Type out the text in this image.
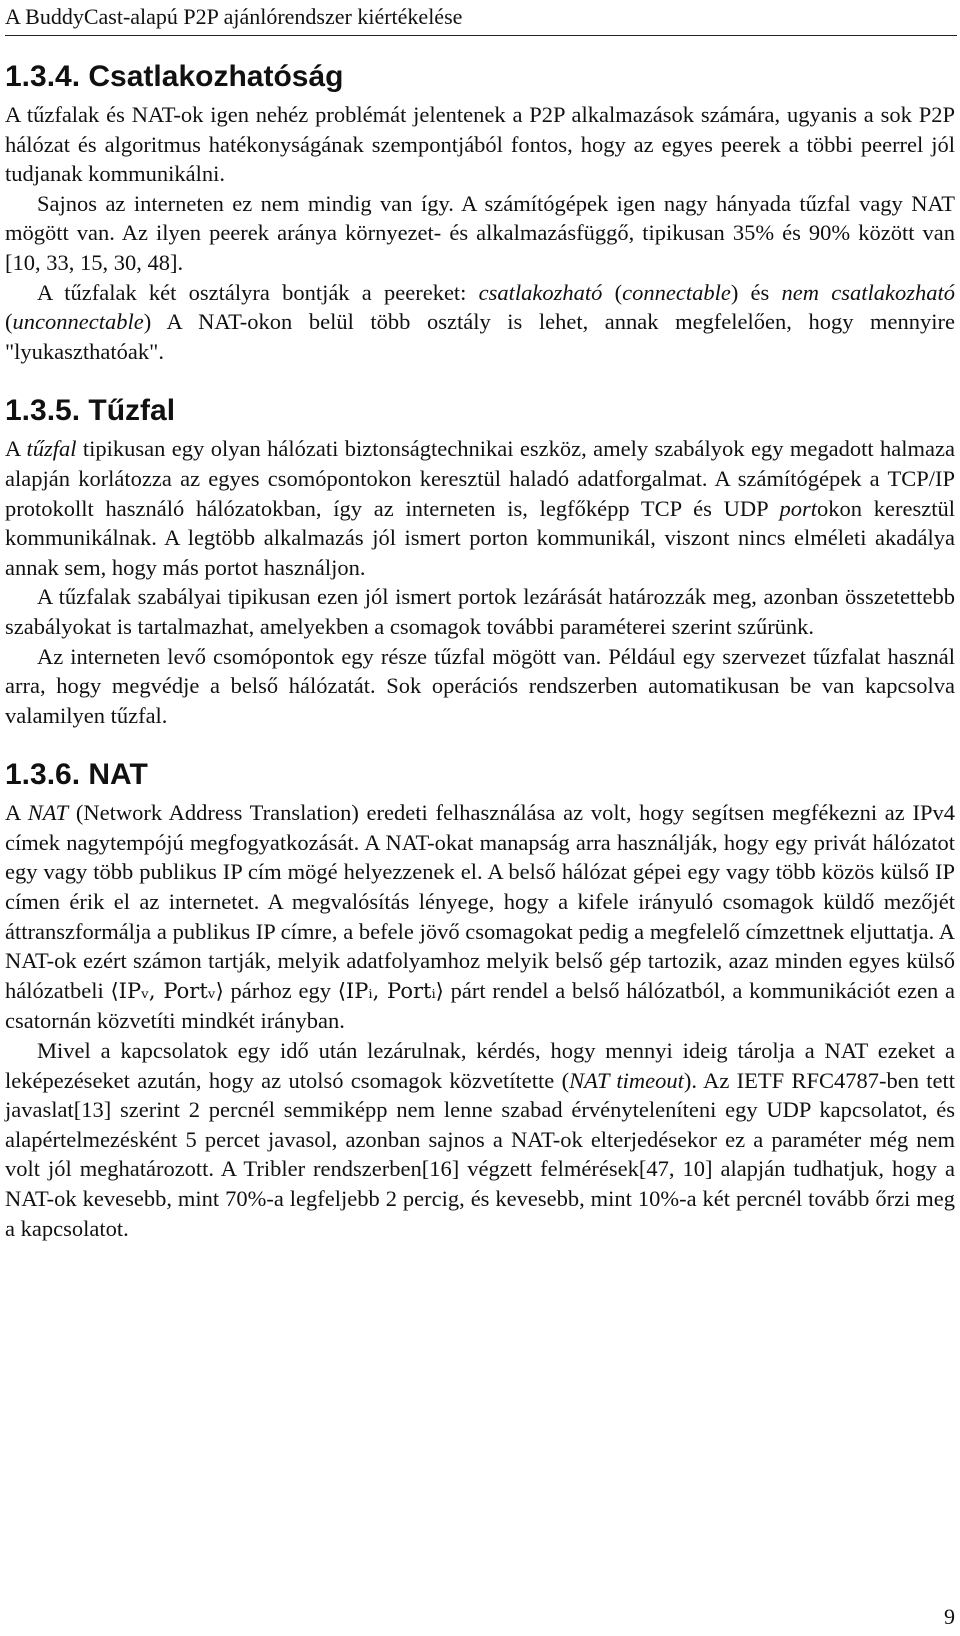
A BuddyCast-alapú P2P ajánlórendszer kiértékelése
1.3.4. Csatlakozhatóság

A tűzfalak és NAT-ok igen nehéz problémát jelentenek a P2P alkalmazások számára, ugyanis a sok P2P hálózat és algoritmus hatékonyságának szempontjából fontos, hogy az egyes peerek a többi peerrel jól tudjanak kommunikálni.

Sajnos az interneten ez nem mindig van így. A számítógépek igen nagy hányada tűzfal vagy NAT mögött van. Az ilyen peerek aránya környezet- és alkalmazásfüggő, tipikusan 35% és 90% között van [10, 33, 15, 30, 48].

A tűzfalak két osztályra bontják a peereket: csatlakozható (connectable) és nem csatlakozható (unconnectable) A NAT-okon belül több osztály is lehet, annak megfelelően, hogy mennyire "lyukaszthatóak".

1.3.5. Tűzfal

A tűzfal tipikusan egy olyan hálózati biztonságtechnikai eszköz, amely szabályok egy megadott halmaza alapján korlátozza az egyes csomópontokon keresztül haladó adatforgalmat. A számítógépek a TCP/IP protokollt használó hálózatokban, így az interneten is, legfőképp TCP és UDP portokon keresztül kommunikálnak. A legtöbb alkalmazás jól ismert porton kommunikál, viszont nincs elméleti akadálya annak sem, hogy más portot használjon.

A tűzfalak szabályai tipikusan ezen jól ismert portok lezárását határozzák meg, azonban összetettebb szabályokat is tartalmazhat, amelyekben a csomagok további paraméterei szerint szűrünk.

Az interneten levő csomópontok egy része tűzfal mögött van. Például egy szervezet tűzfalat használ arra, hogy megvédje a belső hálózatát. Sok operációs rendszerben automatikusan be van kapcsolva valamilyen tűzfal.

1.3.6. NAT

A NAT (Network Address Translation) eredeti felhasználása az volt, hogy segítsen megfékezni az IPv4 címek nagytempójú megfogyatkozását. A NAT-okat manapság arra használják, hogy egy privát hálózatot egy vagy több publikus IP cím mögé helyezzenek el. A belső hálózat gépei egy vagy több közös külső IP címen érik el az internetet. A megvalósítás lényege, hogy a kifele irányuló csomagok küldő mezőjét áttranszformálja a publikus IP címre, a befele jövő csomagokat pedig a megfelelő címzettnek eljuttatja. A NAT-ok ezért számon tartják, melyik adatfolyamhoz melyik belső gép tartozik, azaz minden egyes külső hálózatbeli ⟨IPᵥ, Portᵥ⟩ párhoz egy ⟨IPᵢ, Portᵢ⟩ párt rendel a belső hálózatból, a kommunikációt ezen a csatornán közvetíti mindkét irányban.

Mivel a kapcsolatok egy idő után lezárulnak, kérdés, hogy mennyi ideig tárolja a NAT ezeket a leképezéseket azután, hogy az utolsó csomagok közvetítette (NAT timeout). Az IETF RFC4787-ben tett javaslat[13] szerint 2 percnél semmiképp nem lenne szabad érvényteleníteni egy UDP kapcsolatot, és alapértelmezésként 5 percet javasol, azonban sajnos a NAT-ok elterjedésekor ez a paraméter még nem volt jól meghatározott. A Tribler rendszerben[16] végzett felmérések[47, 10] alapján tudhatjuk, hogy a NAT-ok kevesebb, mint 70%-a legfeljebb 2 percig, és kevesebb, mint 10%-a két percnél tovább őrzi meg a kapcsolatot.

9
